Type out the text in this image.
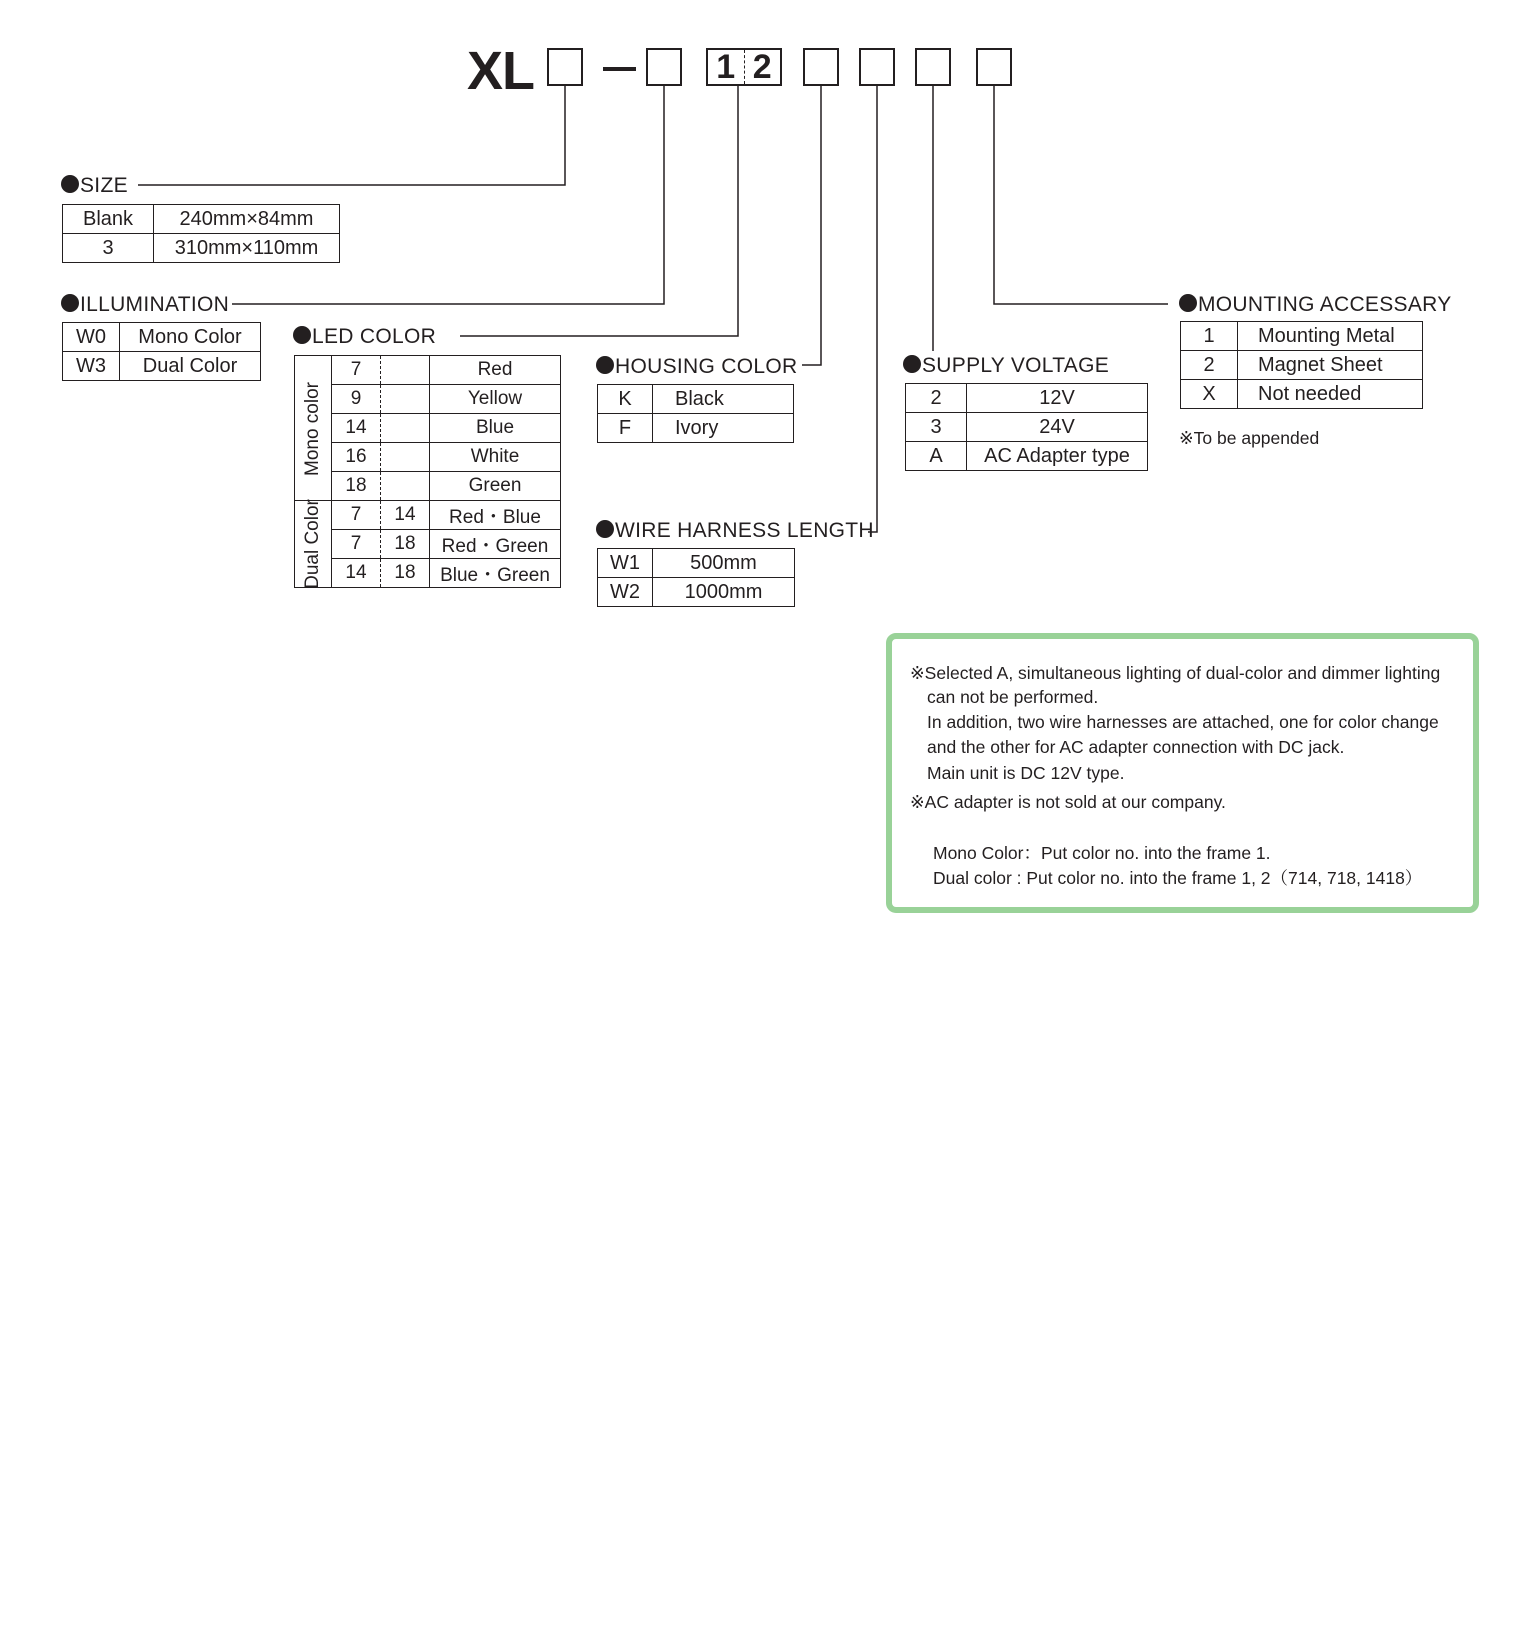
XL	1 2
SIZE
Blank	240mm×84mm
3	310mm×110mm
ILLUMINATION
W0	Mono Color
W3	Dual Color
LED COLOR
Mono color	7		Red
	9		Yellow
	14		Blue
	16		White
	18		Green

Dual Color	7	14	Red・Blue
	7	18	Red・Green
	14	18	Blue・Green
HOUSING COLOR
K	Black
F	Ivory
WIRE HARNESS LENGTH
W1	500mm
W2	1000mm
SUPPLY VOLTAGE
2	12V
3	24V
A	AC Adapter type
MOUNTING ACCESSARY
1	Mounting Metal
2	Magnet Sheet
X	Not needed
※To be appended
※Selected A, simultaneous lighting of dual-color and dimmer lighting
can not be performed.
In addition, two wire harnesses are attached, one for color change
and the other for AC adapter connection with DC jack.
Main unit is DC 12V type.
※AC adapter is not sold at our company.
Mono Color：Put color no. into the frame 1.
Dual color : Put color no. into the frame 1, 2（714, 718, 1418）
